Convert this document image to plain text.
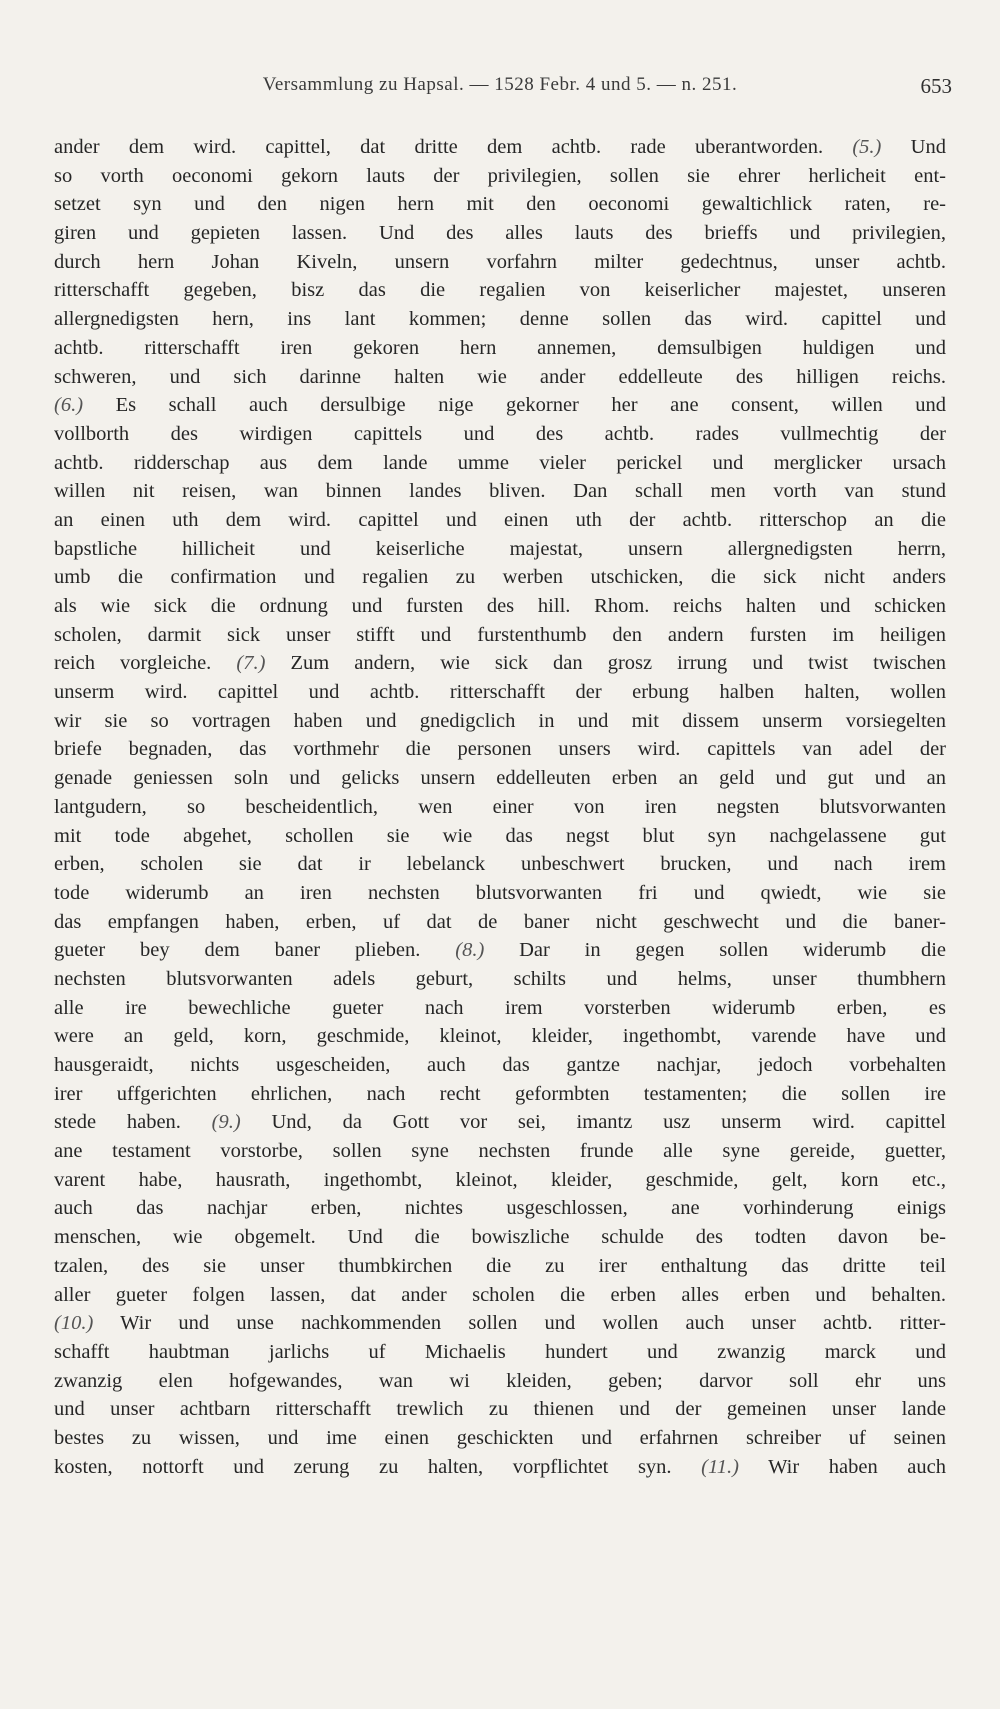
Versammlung zu Hapsal. — 1528 Febr. 4 und 5. — n. 251.	653
ander dem wird. capittel, dat dritte dem achtb. rade uberantworden. (5.) Und
so vorth oeconomi gekorn lauts der privilegien, sollen sie ehrer herlicheit ent-
setzet syn und den nigen hern mit den oeconomi gewaltichlick raten, re-
giren und gepieten lassen. Und des alles lauts des brieffs und privilegien,
durch hern Johan Kiveln, unsern vorfahrn milter gedechtnus, unser achtb.
ritterschafft gegeben, bisz das die regalien von keiserlicher majestet, unseren
allergnedigsten hern, ins lant kommen; denne sollen das wird. capittel und
achtb. ritterschafft iren gekoren hern annemen, demsulbigen huldigen und
schweren, und sich darinne halten wie ander eddelleute des hilligen reichs.
(6.) Es schall auch dersulbige nige gekorner her ane consent, willen und
vollborth des wirdigen capittels und des achtb. rades vullmechtig der
achtb. ridderschap aus dem lande umme vieler perickel und merglicker ursach
willen nit reisen, wan binnen landes bliven. Dan schall men vorth van stund
an einen uth dem wird. capittel und einen uth der achtb. ritterschop an die
bapstliche hillicheit und keiserliche majestat, unsern allergnedigsten herrn,
umb die confirmation und regalien zu werben utschicken, die sick nicht anders
als wie sick die ordnung und fursten des hill. Rhom. reichs halten und schicken
scholen, darmit sick unser stifft und furstenthumb den andern fursten im heiligen
reich vorgleiche. (7.) Zum andern, wie sick dan grosz irrung und twist twischen
unserm wird. capittel und achtb. ritterschafft der erbung halben halten, wollen
wir sie so vortragen haben und gnedigclich in und mit dissem unserm vorsiegelten
briefe begnaden, das vorthmehr die personen unsers wird. capittels van adel der
genade geniessen soln und gelicks unsern eddelleuten erben an geld und gut und an
lantgudern, so bescheidentlich, wen einer von iren negsten blutsvorwanten
mit tode abgehet, schollen sie wie das negst blut syn nachgelassene gut
erben, scholen sie dat ir lebelanck unbeschwert brucken, und nach irem
tode widerumb an iren nechsten blutsvorwanten fri und qwiedt, wie sie
das empfangen haben, erben, uf dat de baner nicht geschwecht und die baner-
gueter bey dem baner plieben. (8.) Dar in gegen sollen widerumb die
nechsten blutsvorwanten adels geburt, schilts und helms, unser thumbhern
alle ire bewechliche gueter nach irem vorsterben widerumb erben, es
were an geld, korn, geschmide, kleinot, kleider, ingethombt, varende have und
hausgeraidt, nichts usgescheiden, auch das gantze nachjar, jedoch vorbehalten
irer uffgerichten ehrlichen, nach recht geformbten testamenten; die sollen ire
stede haben. (9.) Und, da Gott vor sei, imantz usz unserm wird. capittel
ane testament vorstorbe, sollen syne nechsten frunde alle syne gereide, guetter,
varent habe, hausrath, ingethombt, kleinot, kleider, geschmide, gelt, korn etc.,
auch das nachjar erben, nichtes usgeschlossen, ane vorhinderung einigs
menschen, wie obgemelt. Und die bowiszliche schulde des todten davon be-
tzalen, des sie unser thumbkirchen die zu irer enthaltung das dritte teil
aller gueter folgen lassen, dat ander scholen die erben alles erben und behalten.
(10.) Wir und unse nachkommenden sollen und wollen auch unser achtb. ritter-
schafft haubtman jarlichs uf Michaelis hundert und zwanzig marck und
zwanzig elen hofgewandes, wan wi kleiden, geben; darvor soll ehr uns
und unser achtbarn ritterschafft trewlich zu thienen und der gemeinen unser lande
bestes zu wissen, und ime einen geschickten und erfahrnen schreiber uf seinen
kosten, nottorft und zerung zu halten, vorpflichtet syn. (11.) Wir haben auch
